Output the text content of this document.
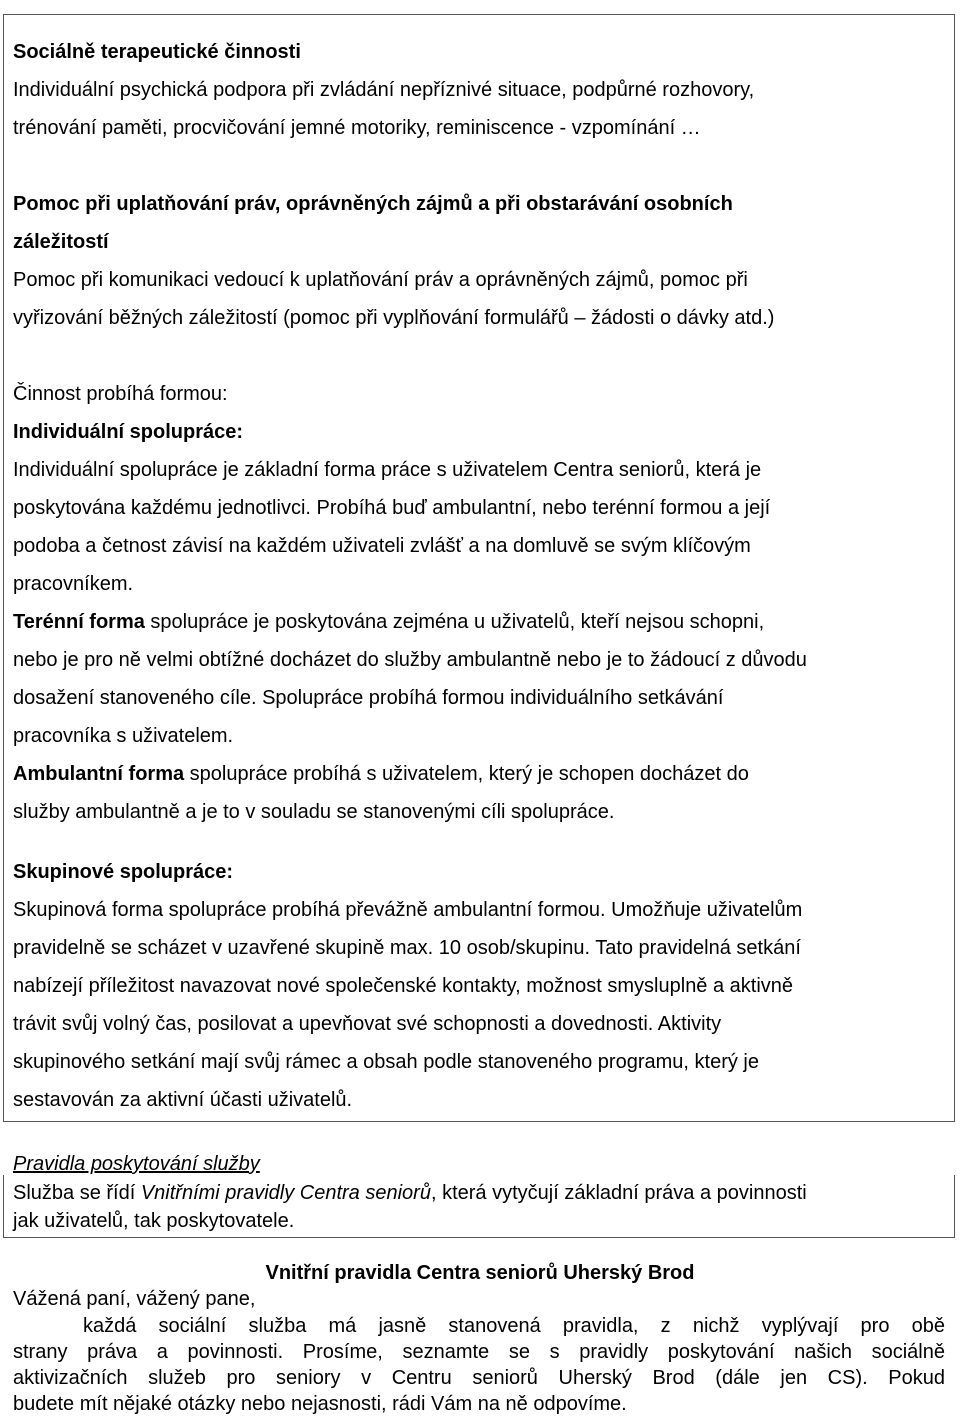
Sociálně terapeutické činnosti
Individuální psychická podpora při zvládání nepříznivé situace, podpůrné rozhovory,
trénování paměti, procvičování jemné motoriky, reminiscence - vzpomínání …
Pomoc při uplatňování práv, oprávněných zájmů a při obstarávání osobních
záležitostí
Pomoc při komunikaci vedoucí k uplatňování práv a oprávněných zájmů, pomoc při
vyřizování běžných záležitostí (pomoc při vyplňování formulářů – žádosti o dávky atd.)
Činnost probíhá formou:
Individuální spolupráce:
Individuální spolupráce je základní forma práce s uživatelem Centra seniorů, která je
poskytována každému jednotlivci. Probíhá buď ambulantní, nebo terénní formou a její
podoba a četnost závisí na každém uživateli zvlášť a na domluvě se svým klíčovým
pracovníkem.
Terénní forma spolupráce je poskytována zejména u uživatelů, kteří nejsou schopni,
nebo je pro ně velmi obtížné docházet do služby ambulantně nebo je to žádoucí z důvodu
dosažení stanoveného cíle. Spolupráce probíhá formou individuálního setkávání
pracovníka s uživatelem.
Ambulantní forma spolupráce probíhá s uživatelem, který je schopen docházet do
služby ambulantně a je to v souladu se stanovenými cíli spolupráce.
Skupinové spolupráce:
Skupinová forma spolupráce probíhá převážně ambulantní formou. Umožňuje uživatelům
pravidelně se scházet v uzavřené skupině max. 10 osob/skupinu. Tato pravidelná setkání
nabízejí příležitost navazovat nové společenské kontakty, možnost smysluplně a aktivně
trávit svůj volný čas, posilovat a upevňovat své schopnosti a dovednosti. Aktivity
skupinového setkání mají svůj rámec a obsah podle stanoveného programu, který je
sestavován za aktivní účasti uživatelů.
Pravidla poskytování služby
Služba se řídí Vnitřními pravidly Centra seniorů, která vytyčují základní práva a povinnosti
jak uživatelů, tak poskytovatele.
Vnitřní pravidla Centra seniorů Uherský Brod
Vážená paní, vážený pane,
každá sociální služba má jasně stanovená pravidla, z nichž vyplývají pro obě
strany práva a povinnosti. Prosíme, seznamte se s pravidly poskytování našich sociálně
aktivizačních služeb pro seniory v Centru seniorů Uherský Brod (dále jen CS). Pokud
budete mít nějaké otázky nebo nejasnosti, rádi Vám na ně odpovíme.
